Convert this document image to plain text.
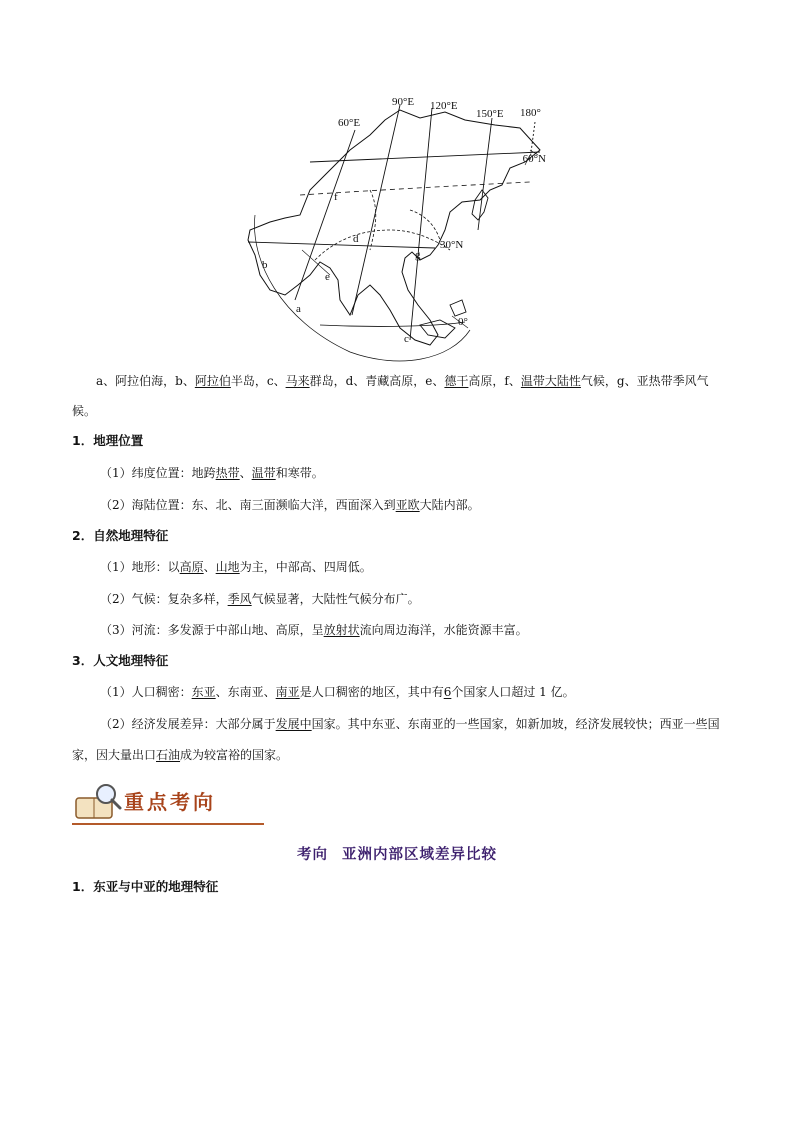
90°E 120°E
150°E 180°
60°E
60°N
30°N
0°
a
b
c
d
e
f
g
a、阿拉伯海，b、阿拉伯半岛，c、马来群岛，d、青藏高原，e、德干高原，f、温带大陆性气候，g、亚热带季风气候。
1．地理位置
（1）纬度位置：地跨热带、温带和寒带。
（2）海陆位置：东、北、南三面濒临大洋，西面深入到亚欧大陆内部。
2．自然地理特征
（1）地形：以高原、山地为主，中部高、四周低。
（2）气候：复杂多样，季风气候显著，大陆性气候分布广。
（3）河流：多发源于中部山地、高原，呈放射状流向周边海洋，水能资源丰富。
3．人文地理特征
（1）人口稠密：东亚、东南亚、南亚是人口稠密的地区，其中有6个国家人口超过 1 亿。
（2）经济发展差异：大部分属于发展中国家。其中东亚、东南亚的一些国家，如新加坡，经济发展较快；西亚一些国家，因大量出口石油成为较富裕的国家。
重点考向
考向 亚洲内部区域差异比较
1．东亚与中亚的地理特征
